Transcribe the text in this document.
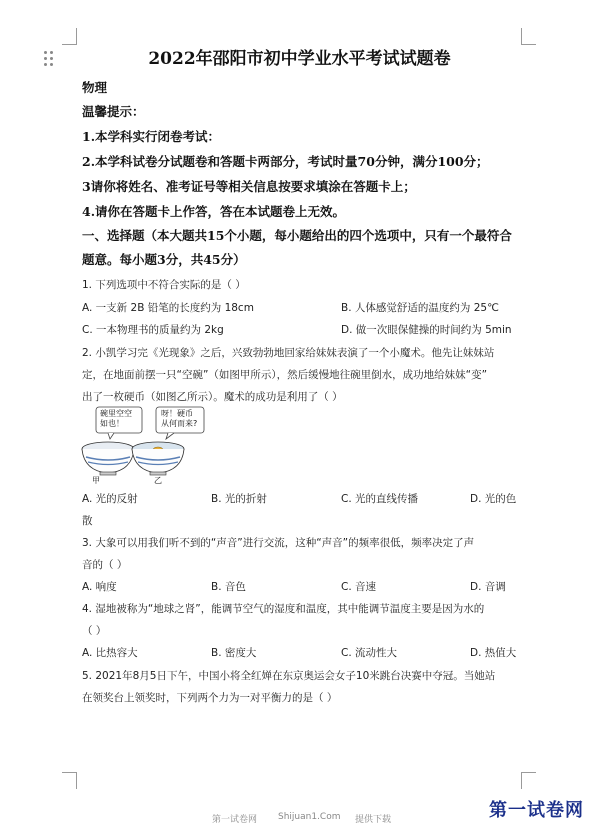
2022年邵阳市初中学业水平考试试题卷
物理
温馨提示：
1.本学科实行闭卷考试：
2.本学科试卷分试题卷和答题卡两部分，考试时量70分钟，满分100分；
3请你将姓名、准考证号等相关信息按要求填涂在答题卡上；
4.请你在答题卡上作答，答在本试题卷上无效。
一、选择题（本大题共15个小题，每小题给出的四个选项中，只有一个最符合
题意。每小题3分，共45分）
1. 下列选项中不符合实际的是（ ）
A. 一支新 2B 铅笔的长度约为 18cm	B. 人体感觉舒适的温度约为 25℃
C. 一本物理书的质量约为 2kg	D. 做一次眼保健操的时间约为 5min
2. 小凯学习完《光现象》之后，兴致勃勃地回家给妹妹表演了一个小魔术。他先让妹妹站
定，在地面前摆一只“空碗”（如图甲所示），然后缓慢地往碗里倒水，成功地给妹妹“变”
出了一枚硬币（如图乙所示）。魔术的成功是利用了（ ）
碗里空空
如也！
呀！硬币
从何而来?
甲	乙
A. 光的反射	B. 光的折射	C. 光的直线传播	D. 光的色
散
3. 大象可以用我们听不到的“声音”进行交流，这种“声音”的频率很低，频率决定了声
音的（ ）
A. 响度	B. 音色	C. 音速	D. 音调
4. 湿地被称为“地球之肾”，能调节空气的湿度和温度，其中能调节温度主要是因为水的
（ ）
A. 比热容大	B. 密度大	C. 流动性大	D. 热值大
5. 2021年8月5日下午，中国小将全红婵在东京奥运会女子10米跳台决赛中夺冠。当她站
在领奖台上领奖时，下列两个力为一对平衡力的是（ ）
第一试卷网 Shijuan1.Com 提供下载	第一试卷网
